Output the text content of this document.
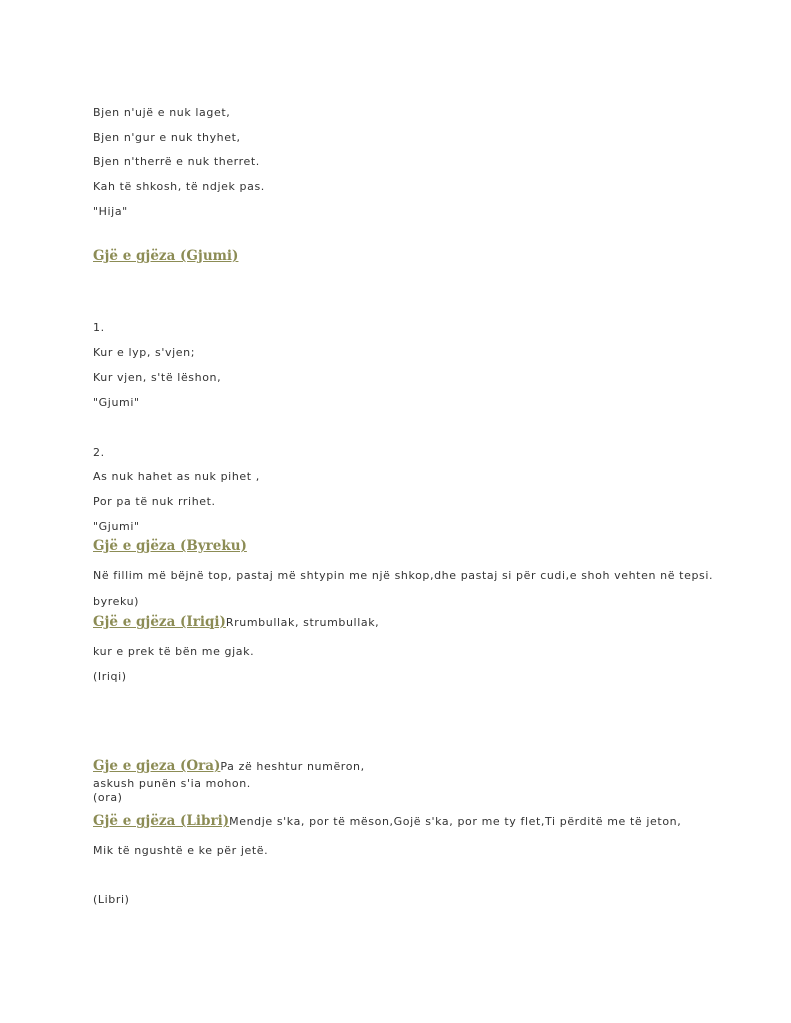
Bjen n'ujë e nuk laget,
Bjen n'gur e nuk thyhet,
Bjen n'therrë e nuk therret.
Kah të shkosh, të ndjek pas.
"Hija"
Gjë e gjëza (Gjumi)
1.
Kur e lyp, s'vjen;
Kur vjen, s'të lëshon,
"Gjumi"
2.
As nuk hahet as nuk pihet ,
Por pa të nuk rrihet.
"Gjumi"
Gjë e gjëza (Byreku)
Në fillim më bëjnë top, pastaj më shtypin me një shkop,dhe pastaj si për cudi,e shoh vehten në tepsi.
byreku)
Gjë e gjëza (Iriqi)Rrumbullak, strumbullak,
kur e prek të bën me gjak.
(Iriqi)
Gje e gjeza (Ora)Pa zë heshtur numëron,
askush punën s'ia mohon.
(ora)
Gjë e gjëza (Libri)Mendje s'ka, por të mëson,Gojë s'ka, por me ty flet,Ti përditë me të jeton,
Mik të ngushtë e ke për jetë.
(Libri)
